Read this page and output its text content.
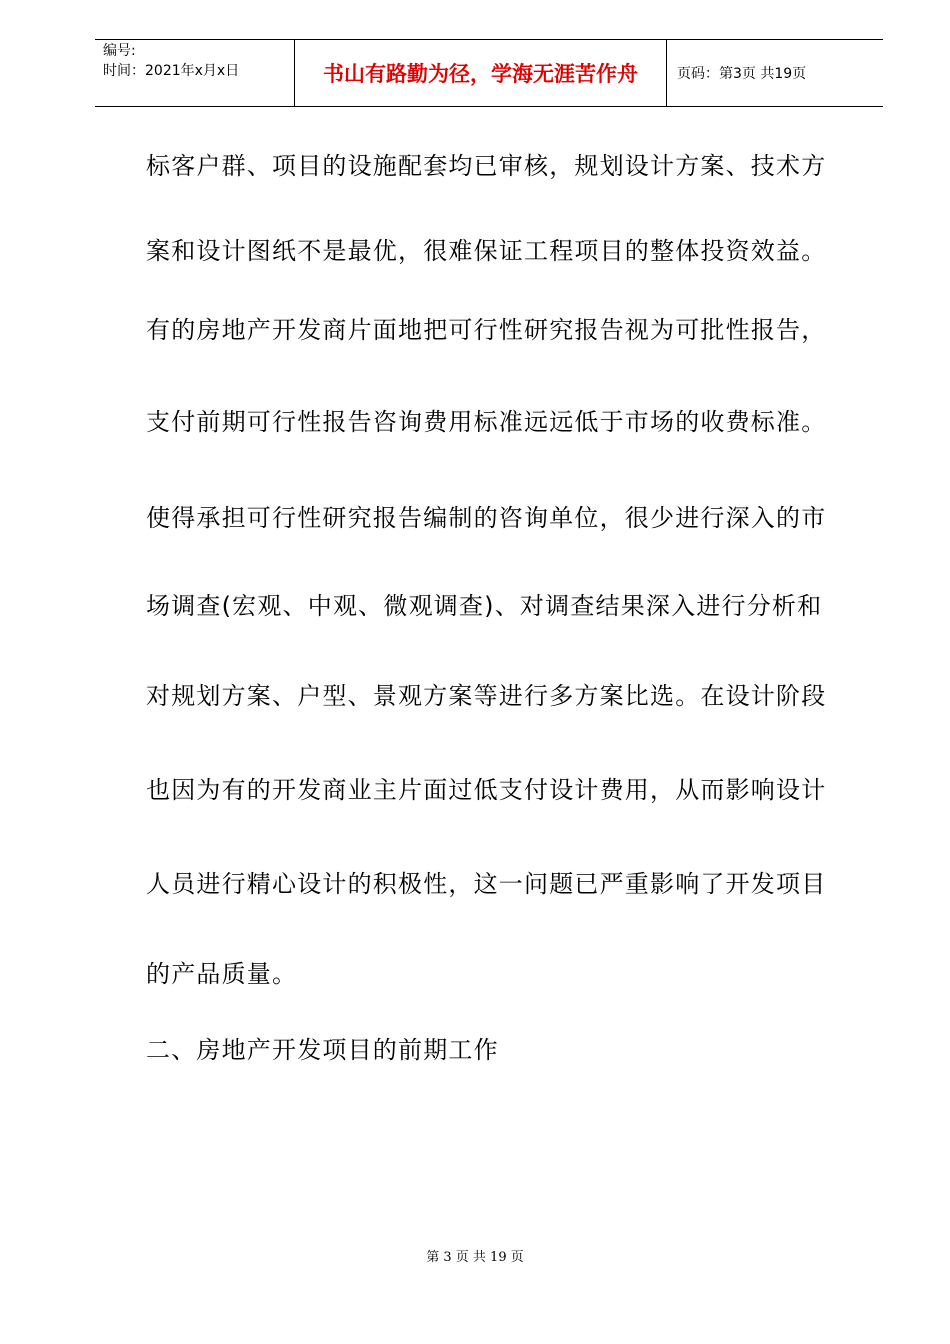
编号:
时间：2021年x月x日	书山有路勤为径，学海无涯苦作舟	页码：第3页 共19页
标客户群、项目的设施配套均已审核，规划设计方案、技术方
案和设计图纸不是最优，很难保证工程项目的整体投资效益。
有的房地产开发商片面地把可行性研究报告视为可批性报告，
支付前期可行性报告咨询费用标准远远低于市场的收费标准。
使得承担可行性研究报告编制的咨询单位，很少进行深入的市
场调查(宏观、中观、微观调查)、对调查结果深入进行分析和
对规划方案、户型、景观方案等进行多方案比选。在设计阶段
也因为有的开发商业主片面过低支付设计费用，从而影响设计
人员进行精心设计的积极性，这一问题已严重影响了开发项目
的产品质量。
二、房地产开发项目的前期工作
第 3 页 共 19 页
